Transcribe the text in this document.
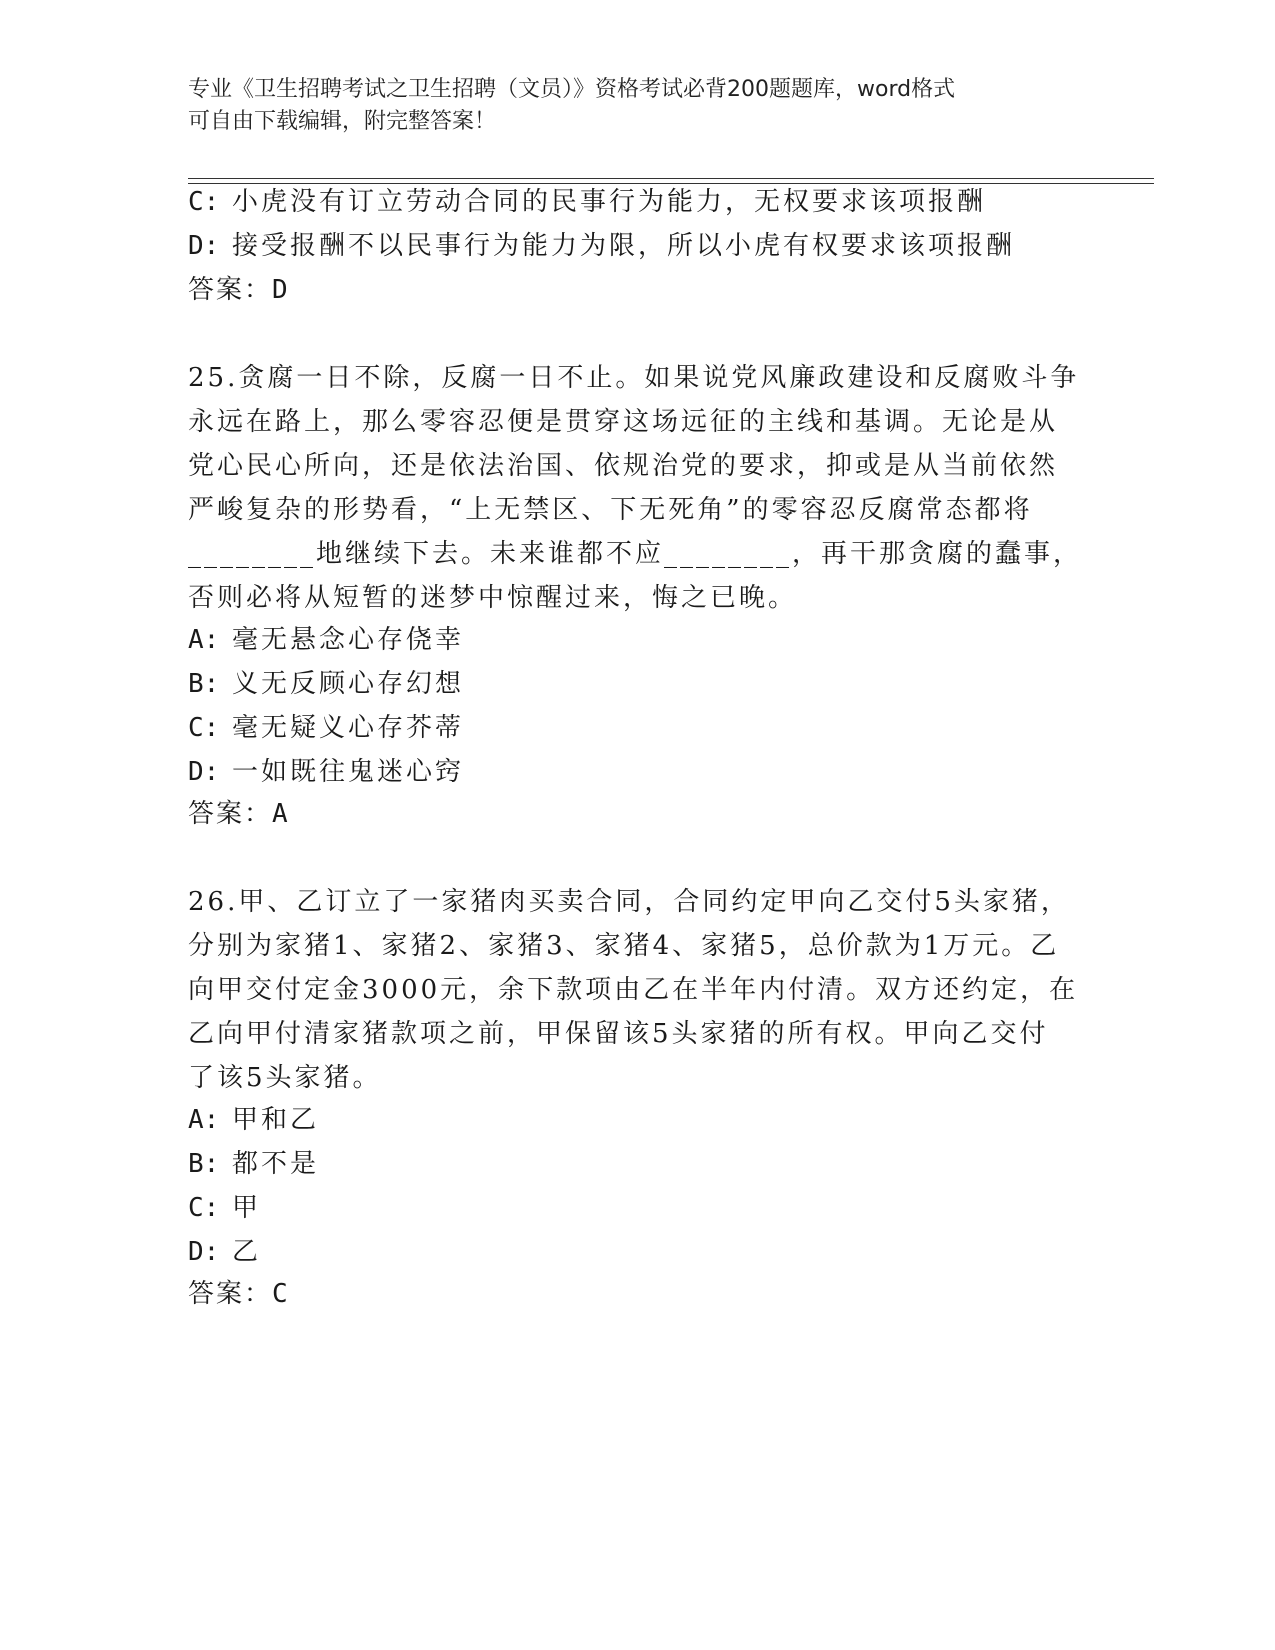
专业《卫生招聘考试之卫生招聘（文员）》资格考试必背200题题库，word格式
可自由下载编辑，附完整答案！
C: 小虎没有订立劳动合同的民事行为能力，无权要求该项报酬
D: 接受报酬不以民事行为能力为限，所以小虎有权要求该项报酬
答案：D
25.贪腐一日不除，反腐一日不止。如果说党风廉政建设和反腐败斗争
永远在路上，那么零容忍便是贯穿这场远征的主线和基调。无论是从
党心民心所向，还是依法治国、依规治党的要求，抑或是从当前依然
严峻复杂的形势看，“上无禁区、下无死角”的零容忍反腐常态都将
________地继续下去。未来谁都不应________，再干那贪腐的蠢事，
否则必将从短暂的迷梦中惊醒过来，悔之已晚。
A: 毫无悬念心存侥幸
B: 义无反顾心存幻想
C: 毫无疑义心存芥蒂
D: 一如既往鬼迷心窍
答案：A
26.甲、乙订立了一家猪肉买卖合同，合同约定甲向乙交付5头家猪，
分别为家猪1、家猪2、家猪3、家猪4、家猪5，总价款为1万元。乙
向甲交付定金3000元，余下款项由乙在半年内付清。双方还约定，在
乙向甲付清家猪款项之前，甲保留该5头家猪的所有权。甲向乙交付
了该5头家猪。
A: 甲和乙
B: 都不是
C: 甲
D: 乙
答案：C
